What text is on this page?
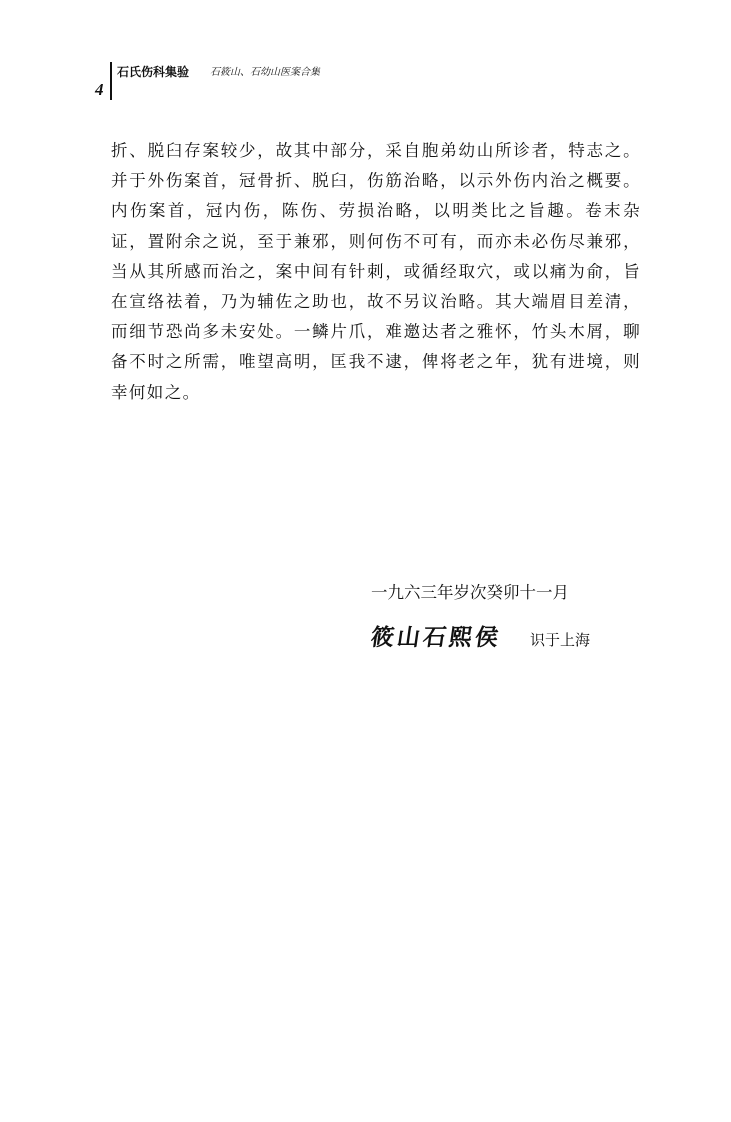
4
石氏伤科集验 石筱山、石幼山医案合集

折、脱臼存案较少，故其中部分，采自胞弟幼山所诊者，特志之。并于外伤案首，冠骨折、脱臼，伤筋治略，以示外伤内治之概要。内伤案首，冠内伤，陈伤、劳损治略，以明类比之旨趣。卷末杂证，置附余之说，至于兼邪，则何伤不可有，而亦未必伤尽兼邪，当从其所感而治之，案中间有针刺，或循经取穴，或以痛为俞，旨在宣络祛着，乃为辅佐之助也，故不另议治略。其大端眉目差清，而细节恐尚多未安处。一鳞片爪，难邀达者之雅怀，竹头木屑，聊备不时之所需，唯望高明，匡我不逮，俾将老之年，犹有进境，则幸何如之。

一九六三年岁次癸卯十一月
筱山石熙侯 识于上海
